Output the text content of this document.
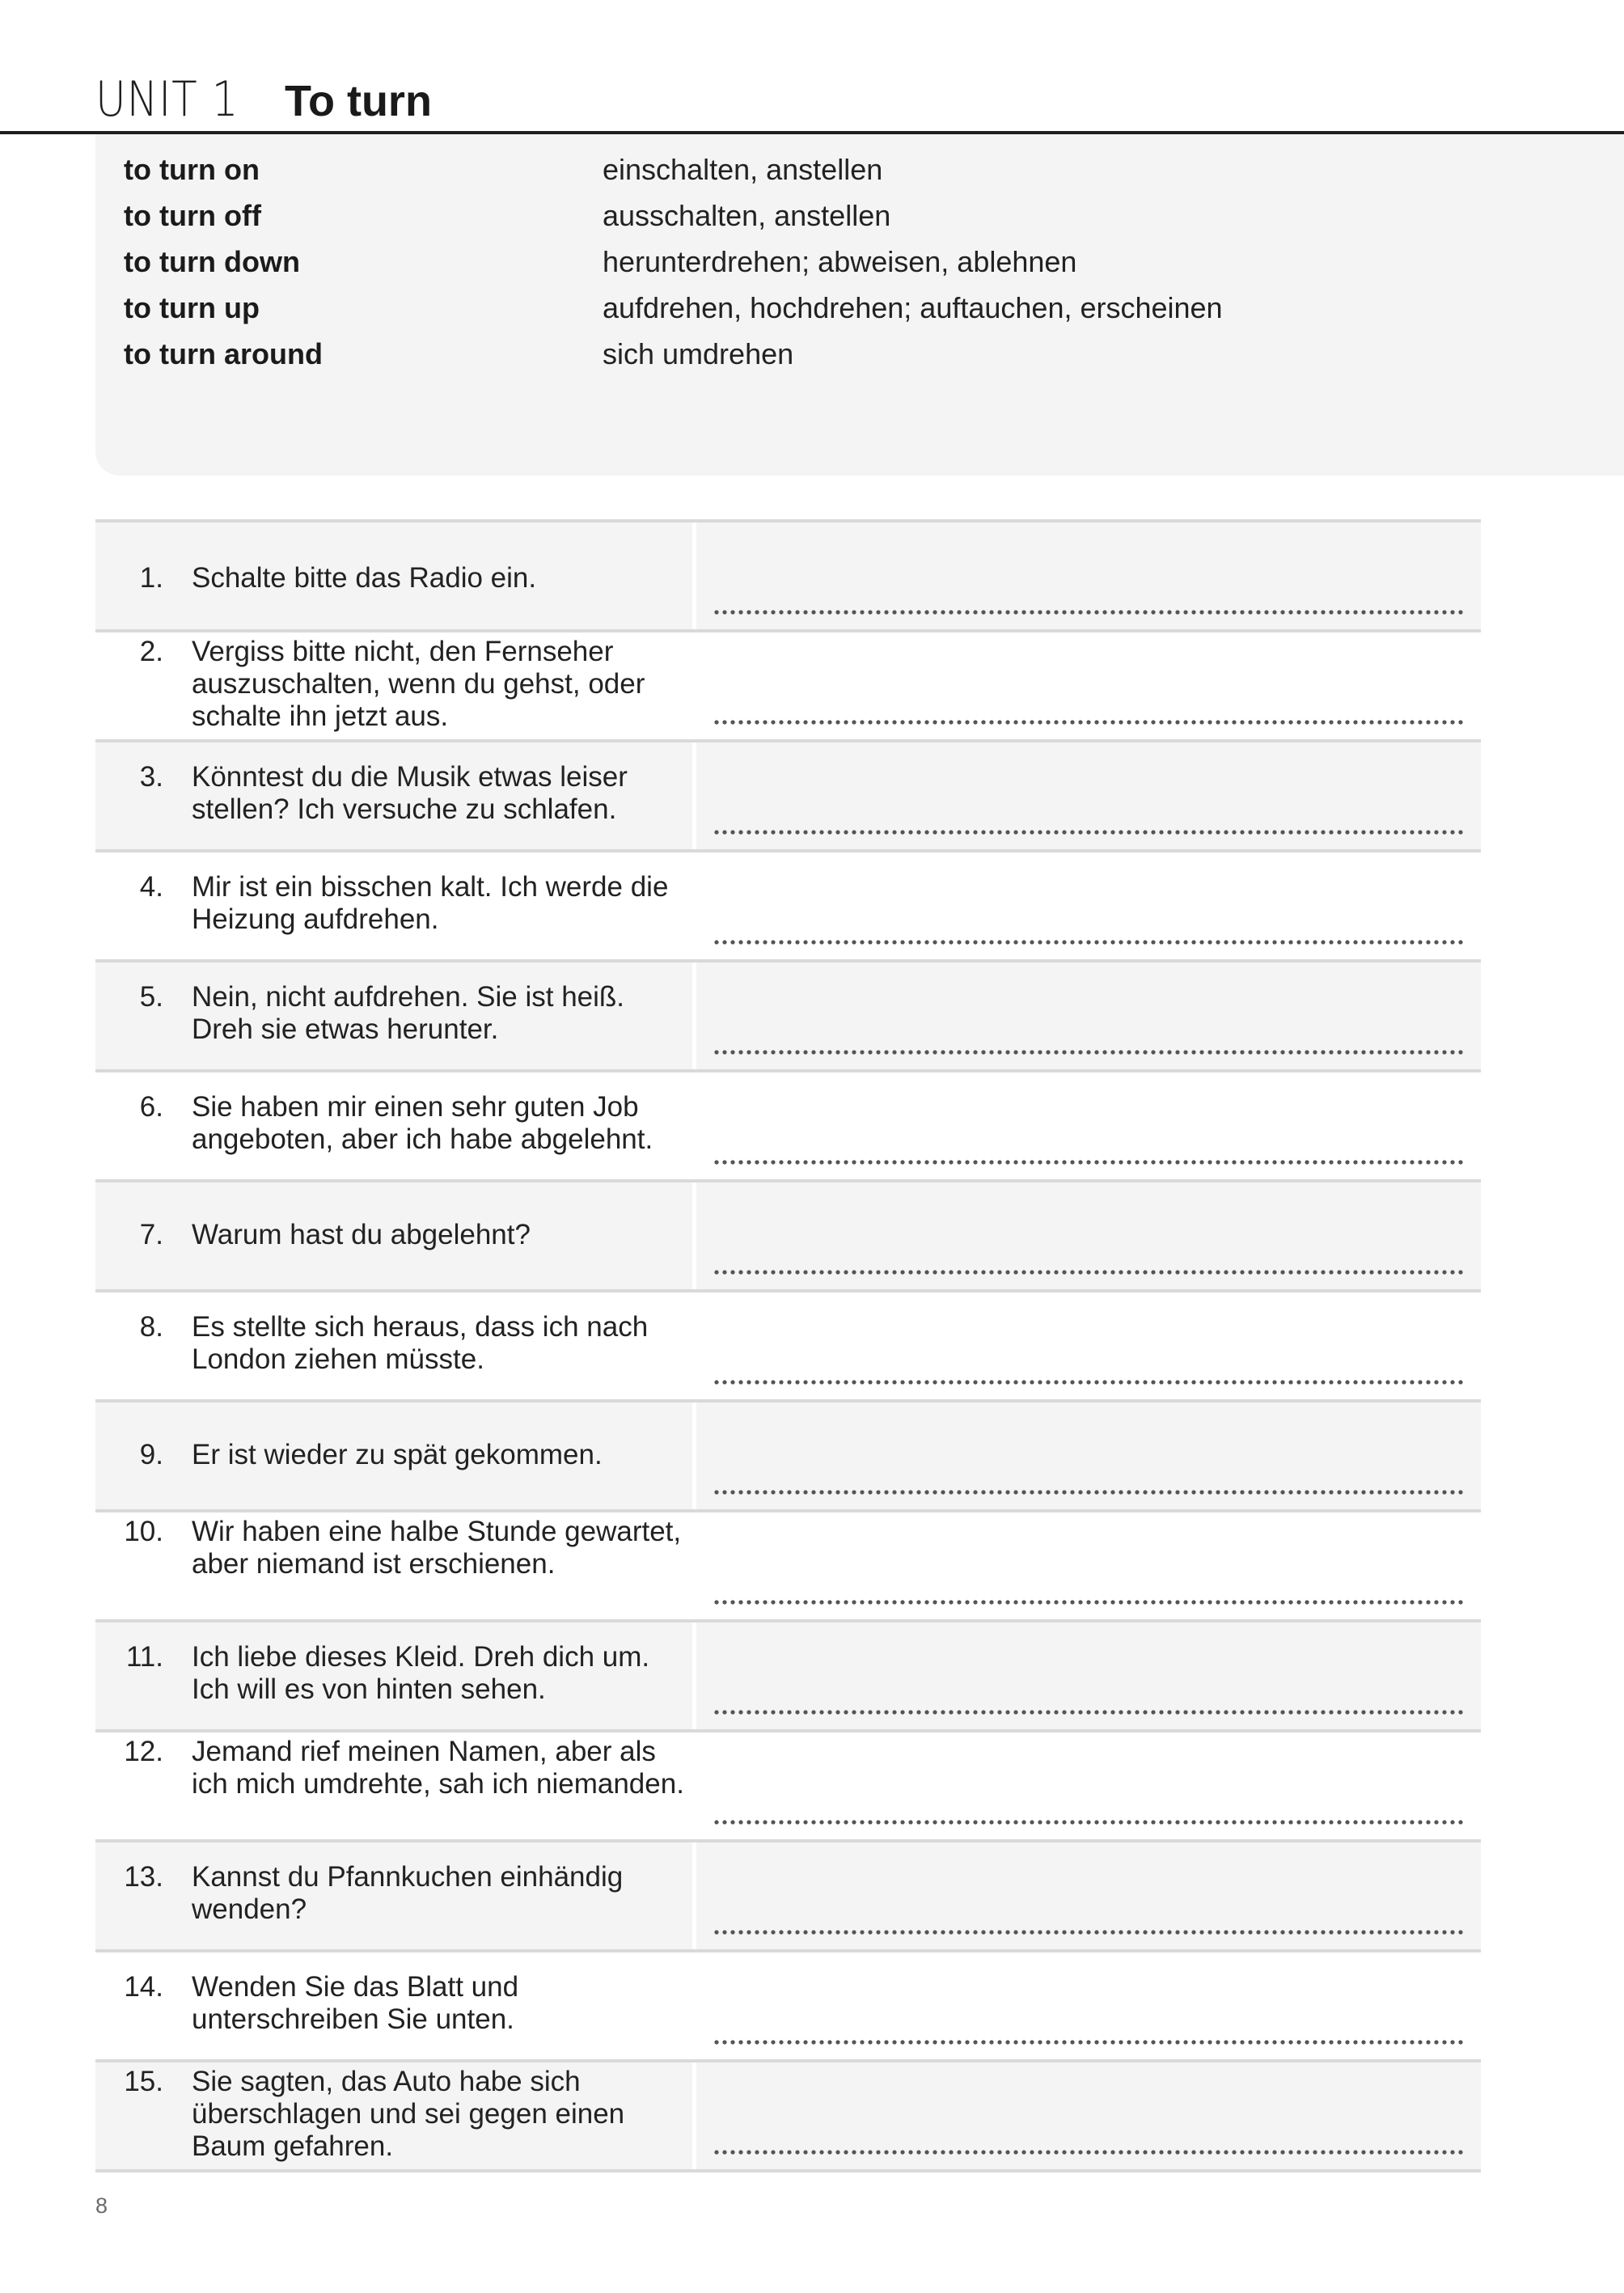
UNIT 1 To turn
to turn on	einschalten, anstellen
to turn off	ausschalten, anstellen
to turn down	herunterdrehen; abweisen, ablehnen
to turn up	aufdrehen, hochdrehen; auftauchen, erscheinen
to turn around	sich umdrehen
1. Schalte bitte das Radio ein.
2. Vergiss bitte nicht, den Fernseher auszuschalten, wenn du gehst, oder schalte ihn jetzt aus.
3. Könntest du die Musik etwas leiser stellen? Ich versuche zu schlafen.
4. Mir ist ein bisschen kalt. Ich werde die Heizung aufdrehen.
5. Nein, nicht aufdrehen. Sie ist heiß. Dreh sie etwas herunter.
6. Sie haben mir einen sehr guten Job angeboten, aber ich habe abgelehnt.
7. Warum hast du abgelehnt?
8. Es stellte sich heraus, dass ich nach London ziehen müsste.
9. Er ist wieder zu spät gekommen.
10. Wir haben eine halbe Stunde gewartet, aber niemand ist erschienen.
11. Ich liebe dieses Kleid. Dreh dich um. Ich will es von hinten sehen.
12. Jemand rief meinen Namen, aber als ich mich umdrehte, sah ich niemanden.
13. Kannst du Pfannkuchen einhändig wenden?
14. Wenden Sie das Blatt und unterschreiben Sie unten.
15. Sie sagten, das Auto habe sich überschlagen und sei gegen einen Baum gefahren.
8
